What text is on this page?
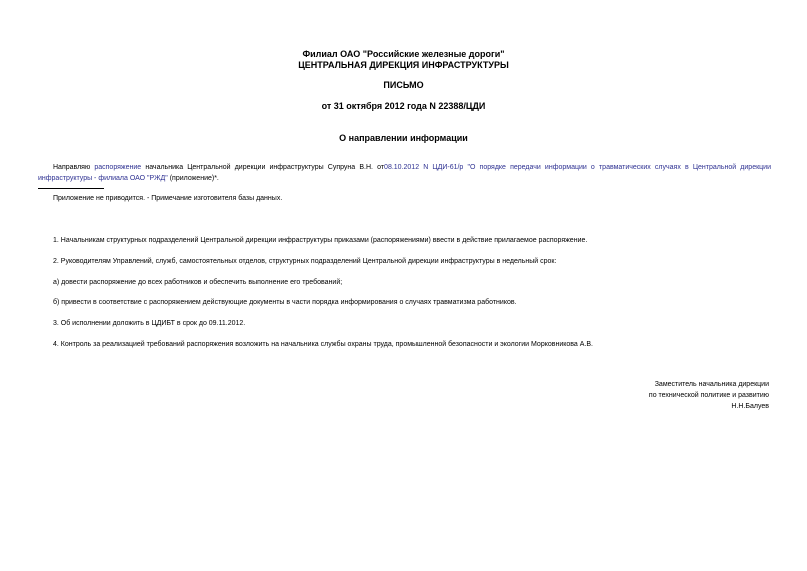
Филиал ОАО "Российские железные дороги"
ЦЕНТРАЛЬНАЯ ДИРЕКЦИЯ ИНФРАСТРУКТУРЫ
ПИСЬМО
от 31 октября 2012 года N 22388/ЦДИ
О направлении информации
Направляю распоряжение начальника Центральной дирекции инфраструктуры Супруна В.Н. от08.10.2012 N ЦДИ-61/р "О порядке передачи информации о травматических случаях в Центральной дирекции инфраструктуры - филиала ОАО "РЖД" (приложение)*.
Приложение не приводится. - Примечание изготовителя базы данных.
1. Начальникам структурных подразделений Центральной дирекции инфраструктуры приказами (распоряжениями) ввести в действие прилагаемое распоряжение.
2. Руководителям Управлений, служб, самостоятельных отделов, структурных подразделений Центральной дирекции инфраструктуры в недельный срок:
а) довести распоряжение до всех работников и обеспечить выполнение его требований;
б) привести в соответствие с распоряжением действующие документы в части порядка информирования о случаях травматизма работников.
3. Об исполнении доложить в ЦДИБТ в срок до 09.11.2012.
4. Контроль за реализацией требований распоряжения возложить на начальника службы охраны труда, промышленной безопасности и экологии Морковникова А.В.
Заместитель начальника дирекции
по технической политике и развитию
Н.Н.Балуев
